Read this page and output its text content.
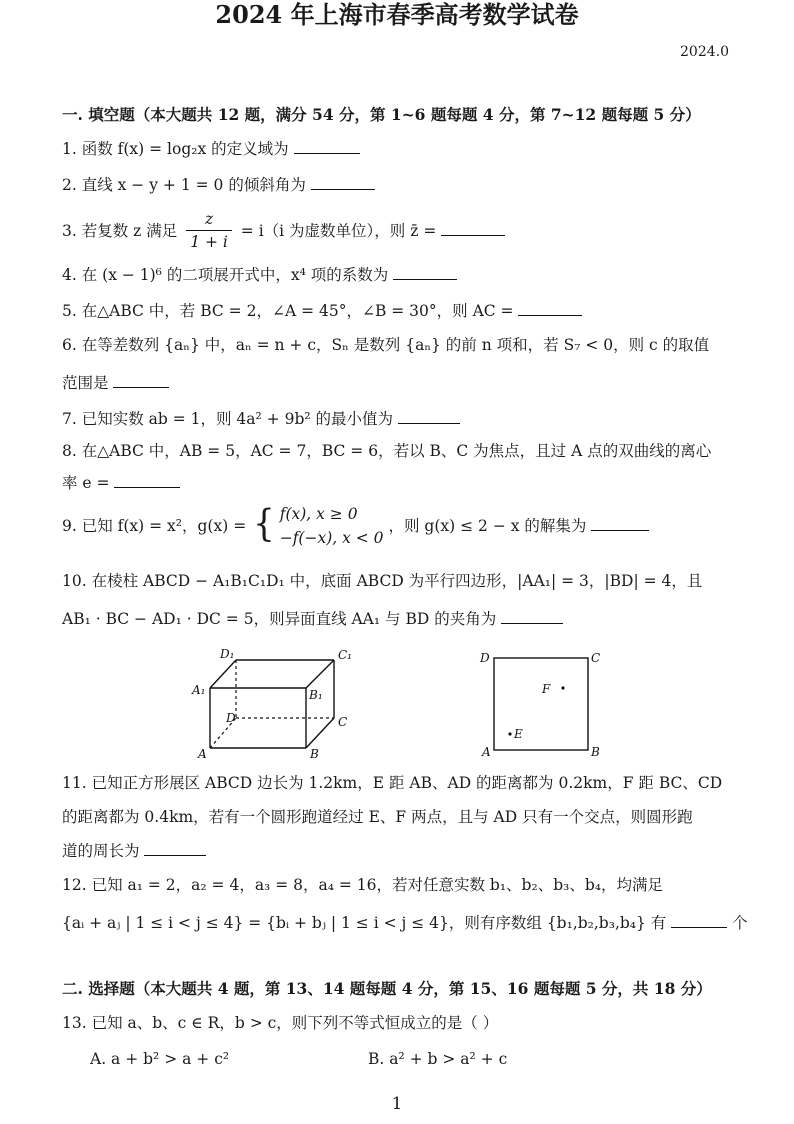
2024 年上海市春季高考数学试卷
2024.0
一. 填空题（本大题共 12 题，满分 54 分，第 1~6 题每题 4 分，第 7~12 题每题 5 分）
1. 函数 f(x) = log₂x 的定义域为
2. 直线 x − y + 1 = 0 的倾斜角为
3. 若复数 z 满足 $\frac{z}{1 + i} = i(i$ 为虚数单位），则 z̄ =
4. 在 (x − 1)⁶ 的二项展开式中，x⁴ 项的系数为
5. 在△ABC 中，若 BC = 2，∠A = 45°，∠B = 30°，则 AC =
6. 在等差数列 {aₙ} 中，aₙ = n + c，Sₙ 是数列 {aₙ} 的前 n 项和，若 S₇ < 0，则 c 的取值
范围是
7. 已知实数 ab = 1，则 4a² + 9b² 的最小值为
8. 在△ABC 中，AB = 5，AC = 7，BC = 6，若以 B、C 为焦点，且过 A 点的双曲线的离心
率 e =
9. 已知 f(x) = x²，g(x) = { f(x), x ≥ 0
−f(−x), x < 0
，则 g(x) ≤ 2 − x 的解集为
10. 在棱柱 ABCD − A₁B₁C₁D₁ 中，底面 ABCD 为平行四边形，|AA₁| = 3，|BD| = 4，且
AB₁ · BC − AD₁ · DC = 5，则异面直线 AA₁ 与 BD 的夹角为
D₁	C₁
A₁	B₁
D	C
A	B
D	C
A	B
F
E
11. 已知正方形展区 ABCD 边长为 1.2km，E 距 AB、AD 的距离都为 0.2km，F 距 BC、CD
的距离都为 0.4km，若有一个圆形跑道经过 E、F 两点，且与 AD 只有一个交点，则圆形跑
道的周长为
12. 已知 a₁ = 2，a₂ = 4，a₃ = 8，a₄ = 16，若对任意实数 b₁、b₂、b₃、b₄，均满足
{aᵢ + aⱼ | 1 ≤ i < j ≤ 4} = {bᵢ + bⱼ | 1 ≤ i < j ≤ 4}，则有序数组 {b₁,b₂,b₃,b₄} 有	个
二. 选择题（本大题共 4 题，第 13、14 题每题 4 分，第 15、16 题每题 5 分，共 18 分）
13. 已知 a、b、c ∈ R，b > c，则下列不等式恒成立的是（ ）
A. a + b² > a + c²	B. a² + b > a² + c
1
